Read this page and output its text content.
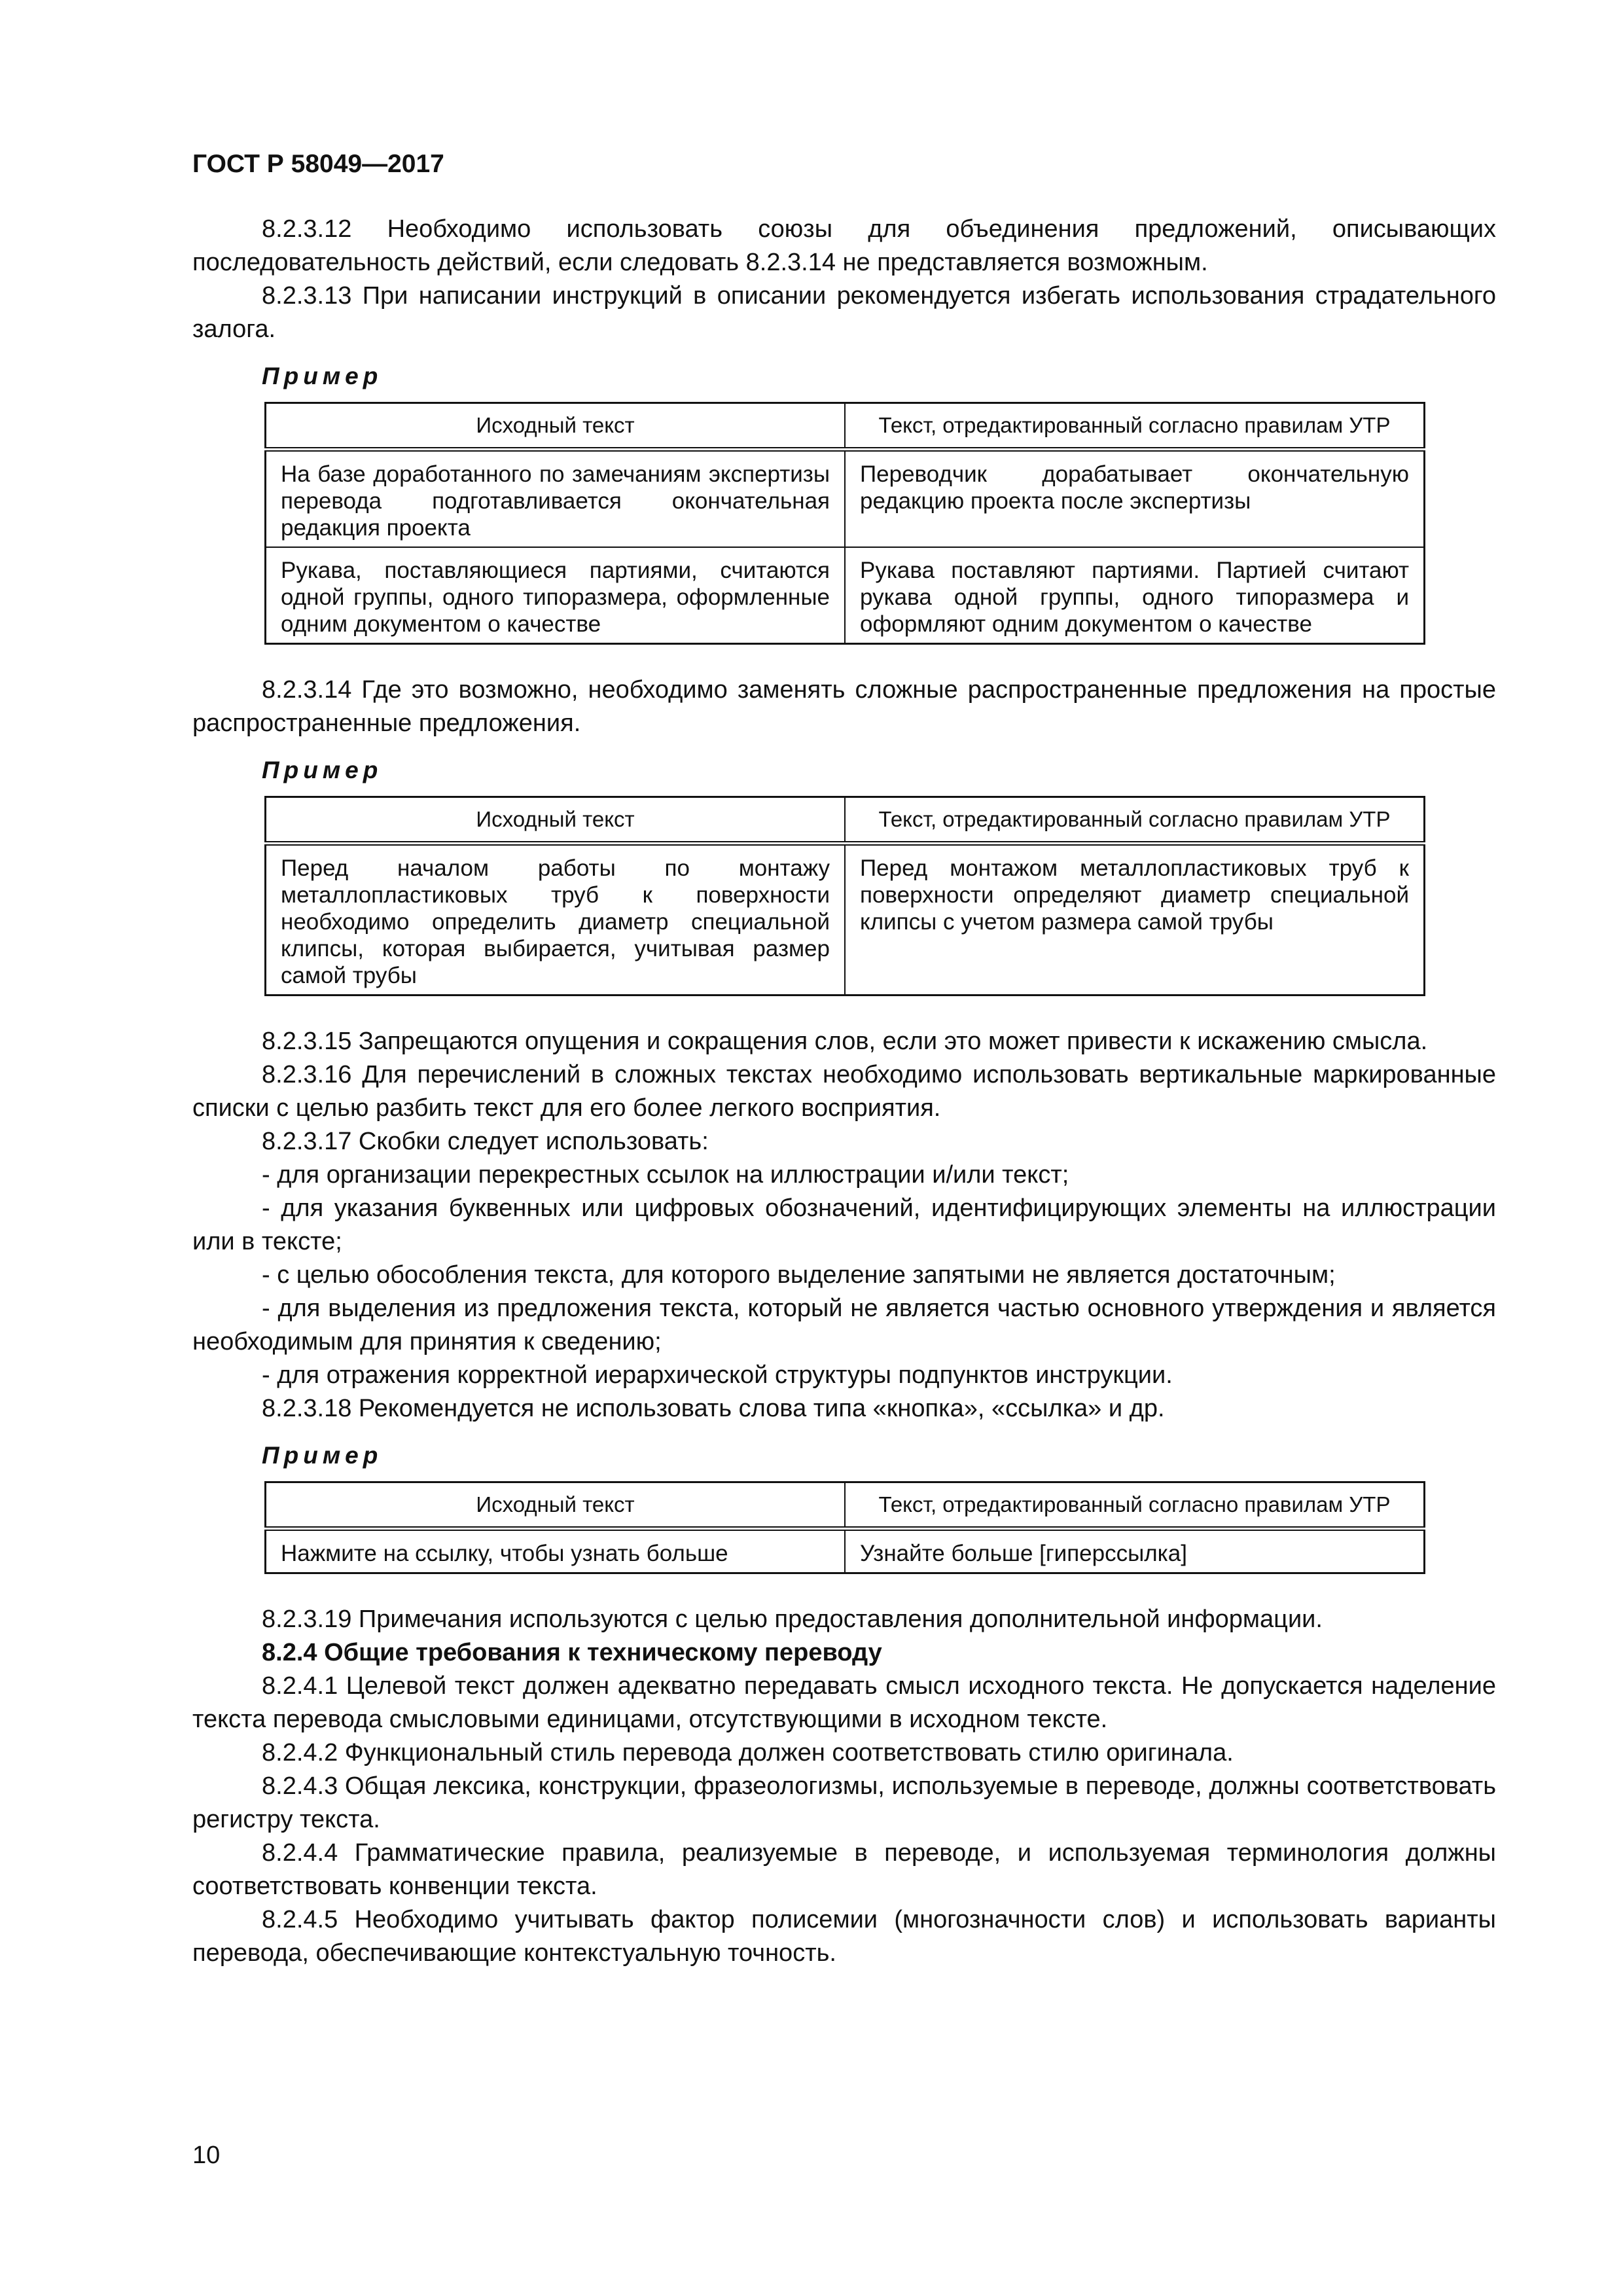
ГОСТ Р 58049—2017

8.2.3.12 Необходимо использовать союзы для объединения предложений, описывающих последовательность действий, если следовать 8.2.3.14 не представляется возможным.

8.2.3.13 При написании инструкций в описании рекомендуется избегать использования страдательного залога.

Пример
Исходный текст	Текст, отредактированный согласно правилам УТР
На базе доработанного по замечаниям экспертизы перевода подготавливается окончательная редакция проекта	Переводчик дорабатывает окончательную редакцию проекта после экспертизы
Рукава, поставляющиеся партиями, считаются одной группы, одного типоразмера, оформленные одним документом о качестве	Рукава поставляют партиями. Партией считают рукава одной группы, одного типоразмера и оформляют одним документом о качестве

8.2.3.14 Где это возможно, необходимо заменять сложные распространенные предложения на простые распространенные предложения.

Пример
Исходный текст	Текст, отредактированный согласно правилам УТР
Перед началом работы по монтажу металлопластиковых труб к поверхности необходимо определить диаметр специальной клипсы, которая выбирается, учитывая размер самой трубы	Перед монтажом металлопластиковых труб к поверхности определяют диаметр специальной клипсы с учетом размера самой трубы

8.2.3.15 Запрещаются опущения и сокращения слов, если это может привести к искажению смысла.

8.2.3.16 Для перечислений в сложных текстах необходимо использовать вертикальные маркированные списки с целью разбить текст для его более легкого восприятия.

8.2.3.17 Скобки следует использовать:

- для организации перекрестных ссылок на иллюстрации и/или текст;

- для указания буквенных или цифровых обозначений, идентифицирующих элементы на иллюстрации или в тексте;

- с целью обособления текста, для которого выделение запятыми не является достаточным;

- для выделения из предложения текста, который не является частью основного утверждения и является необходимым для принятия к сведению;

- для отражения корректной иерархической структуры подпунктов инструкции.

8.2.3.18 Рекомендуется не использовать слова типа «кнопка», «ссылка» и др.

Пример
Исходный текст	Текст, отредактированный согласно правилам УТР
Нажмите на ссылку, чтобы узнать больше	Узнайте больше [гиперссылка]

8.2.3.19 Примечания используются с целью предоставления дополнительной информации.

8.2.4 Общие требования к техническому переводу

8.2.4.1 Целевой текст должен адекватно передавать смысл исходного текста. Не допускается наделение текста перевода смысловыми единицами, отсутствующими в исходном тексте.

8.2.4.2 Функциональный стиль перевода должен соответствовать стилю оригинала.

8.2.4.3 Общая лексика, конструкции, фразеологизмы, используемые в переводе, должны соответствовать регистру текста.

8.2.4.4 Грамматические правила, реализуемые в переводе, и используемая терминология должны соответствовать конвенции текста.

8.2.4.5 Необходимо учитывать фактор полисемии (многозначности слов) и использовать варианты перевода, обеспечивающие контекстуальную точность.

10
